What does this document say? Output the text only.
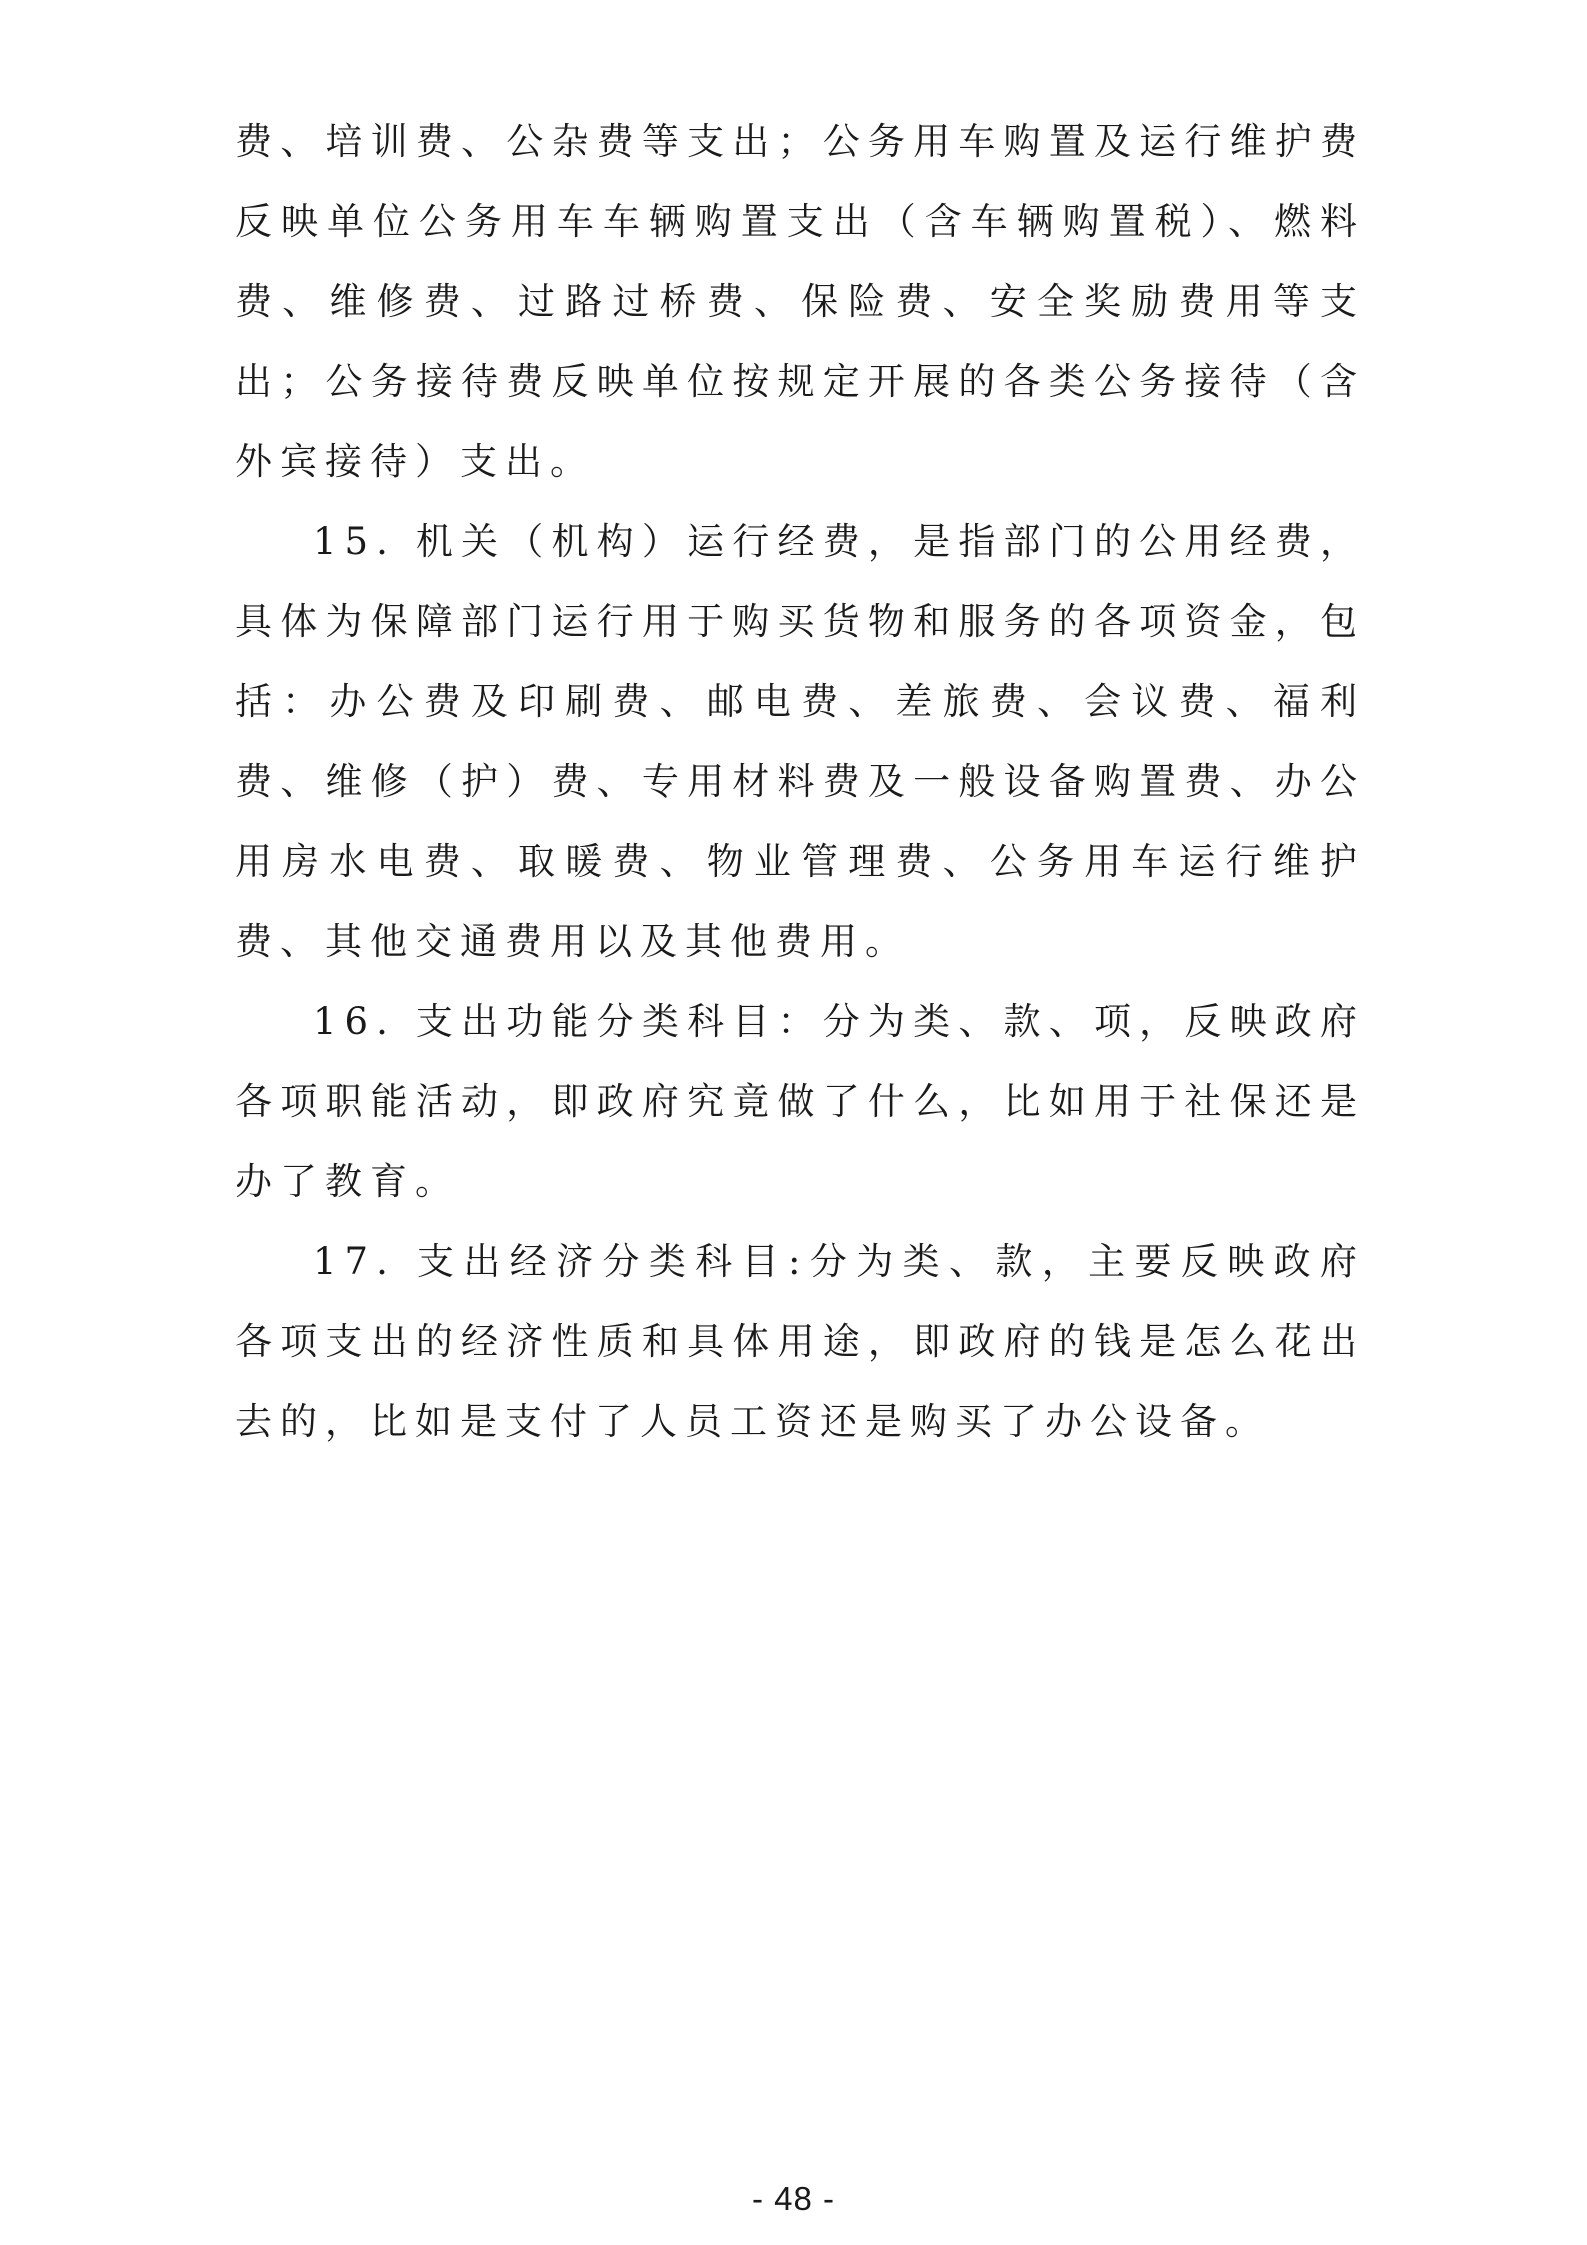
费、培训费、公杂费等支出；公务用车购置及运行维护费反映单位公务用车车辆购置支出（含车辆购置税）、燃料费、维修费、过路过桥费、保险费、安全奖励费用等支出；公务接待费反映单位按规定开展的各类公务接待（含外宾接待）支出。

15. 机关（机构）运行经费，是指部门的公用经费，具体为保障部门运行用于购买货物和服务的各项资金，包括：办公费及印刷费、邮电费、差旅费、会议费、福利费、维修（护）费、专用材料费及一般设备购置费、办公用房水电费、取暖费、物业管理费、公务用车运行维护费、其他交通费用以及其他费用。

16. 支出功能分类科目：分为类、款、项，反映政府各项职能活动，即政府究竟做了什么，比如用于社保还是办了教育。

17. 支出经济分类科目:分为类、款，主要反映政府各项支出的经济性质和具体用途，即政府的钱是怎么花出去的，比如是支付了人员工资还是购买了办公设备。

- 48 -
